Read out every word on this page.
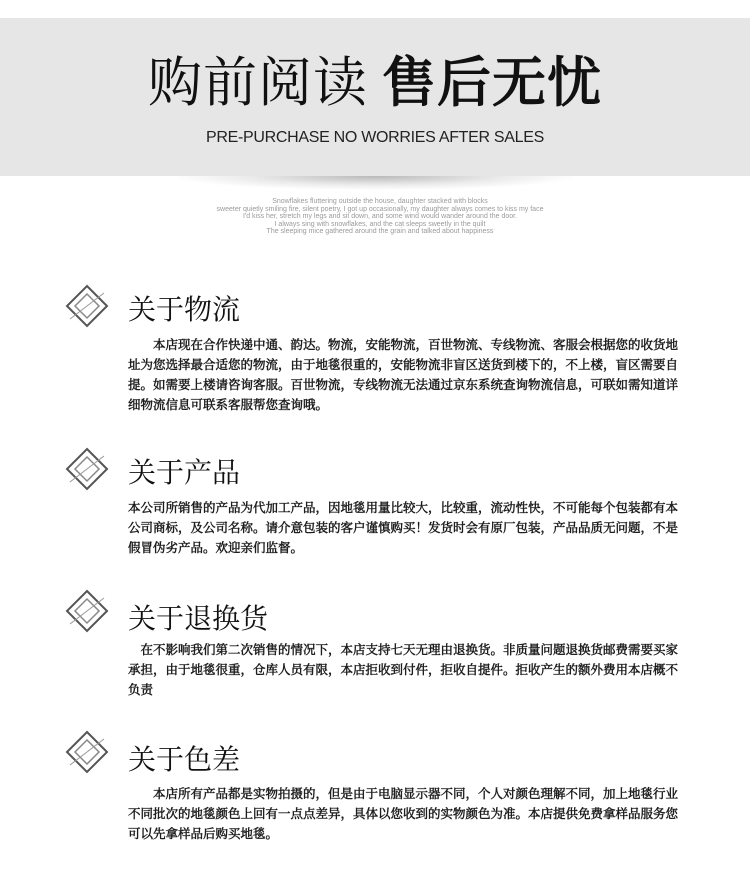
购前阅读 售后无忧
PRE-PURCHASE NO WORRIES AFTER SALES
Snowflakes fluttering outside the house, daughter stacked with blocks
sweeter quietly smiling fire, silent poetry, I got up occasionally, my daughter always comes to kiss my face
I'd kiss her, stretch my legs and sit down, and some wind would wander around the door.
I always sing with snowflakes, and the cat sleeps sweetly in the quilt
The sleeping mice gathered around the grain and talked about happiness
关于物流
　　本店现在合作快递中通、韵达。物流，安能物流，百世物流、专线物流、客服会根据您的收货地址为您选择最合适您的物流，由于地毯很重的，安能物流非盲区送货到楼下的，不上楼，盲区需要自提。如需要上楼请咨询客服。百世物流，专线物流无法通过京东系统查询物流信息，可联如需知道详细物流信息可联系客服帮您查询哦。
关于产品
本公司所销售的产品为代加工产品，因地毯用量比较大，比较重，流动性快，不可能每个包装都有本公司商标，及公司名称。请介意包装的客户谨慎购买！发货时会有原厂包装，产品品质无问题，不是假冒伪劣产品。欢迎亲们监督。
关于退换货
　在不影响我们第二次销售的情况下，本店支持七天无理由退换货。非质量问题退换货邮费需要买家承担，由于地毯很重，仓库人员有限，本店拒收到付件，拒收自提件。拒收产生的额外费用本店概不负责
关于色差
　　本店所有产品都是实物拍摄的，但是由于电脑显示器不同，个人对颜色理解不同，加上地毯行业不同批次的地毯颜色上回有一点点差异，具体以您收到的实物颜色为准。本店提供免费拿样品服务您可以先拿样品后购买地毯。
